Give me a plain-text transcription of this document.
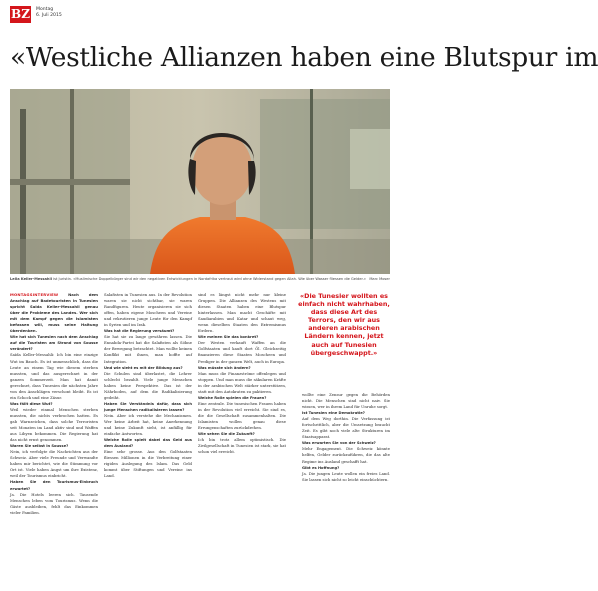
BZ Montag
6. Juli 2015
«Westliche Allianzen haben eine Blutspur im
Leila Keller-Messahli ist Juristin. «Muslimische Doppelbürger sind wir den negativen Entwicklungen in Nordafrika vertraut wird ohne Widerstand gegen Allah. Wie über Wasser fliessen die Gelder.» Marc Moser

MONTAGSINTERVIEW	Nach dem Anschlag auf Badetouristen in Tunesien spricht Saïda Keller-Messahli genau über die Probleme des Landes. Wer sich mit dem Kampf gegen die Islamisten befassen will, muss seine Haltung überdenken.

Wie hat sich Tunesien nach dem Anschlag auf die Touristen am Strand von Sousse verändert?

Saïda Keller-Messahli: Ich bin eine einzige Wut im Bauch. Es ist unmenschlich, dass die Leute an einem Tag wie diesem sterben mussten, und das ausgerechnet in der ganzen Sommerzeit. Man hat damit gerechnet, dass Tunesien die nächsten Jahre von den Anschlägen verschont bleibt. Es ist ein Schock und eine Zäsur.

Was fällt diese Wut?

Weil wieder einmal Menschen sterben mussten, die nichts verbrochen hatten. Es gab Warnzeichen, dass solche Terroristen seit Monaten im Land aktiv sind und Waffen aus Libyen bekommen. Die Regierung hat das nicht ernst genommen.

Waren Sie selbst in Sousse?

Nein, ich verfolgte die Nachrichten aus der Schweiz. Aber viele Freunde und Verwandte haben mir berichtet, wie die Stimmung vor Ort ist. Viele haben Angst um ihre Existenz, weil der Tourismus einbricht.

Haben Sie den Tourismus-Einbruch erwartet?

Ja. Die Hotels leeren sich. Tausende Menschen leben vom Tourismus. Wenn die Gäste ausbleiben, fehlt das Einkommen vieler Familien.

Salafisten in Tunesien aus. In der Revolution waren sie nicht sichtbar, sie waren Randfiguren. Heute organisieren sie sich offen, haben eigene Moscheen und Vereine und rekrutieren junge Leute für den Kampf in Syrien und im Irak.

Was hat die Regierung versäumt?

Sie hat sie zu lange gewähren lassen. Die Ennahda-Partei hat die Salafisten als Söhne der Bewegung betrachtet. Man wollte keinen Konflikt mit ihnen, man hoffte auf Integration.

Und wie sieht es mit der Bildung aus?

Die Schulen sind überlastet, die Lehrer schlecht bezahlt. Viele junge Menschen haben keine Perspektive. Das ist der Nährboden, auf dem die Radikalisierung gedeiht.

Haben Sie Verständnis dafür, dass sich junge Menschen radikalisieren lassen?

Nein. Aber ich verstehe die Mechanismen. Wer keine Arbeit hat, keine Anerkennung und keine Zukunft sieht, ist anfällig für einfache Antworten.

Welche Rolle spielt dabei das Geld aus dem Ausland?

Eine sehr grosse. Aus den Golfstaaten fliessen Millionen in die Verbreitung einer rigiden Auslegung des Islam. Das Geld kommt über Stiftungen und Vereine ins Land.

sind es längst nicht mehr nur kleine Gruppen. Die Allianzen des Westens mit diesen Staaten haben eine Blutspur hinterlassen. Man macht Geschäfte mit Saudiarabien und Katar und schaut weg, wenn dieselben Staaten den Extremismus fördern.

Wie meinen Sie das konkret?

Der Westen verkauft Waffen an die Golfstaaten und kauft dort Öl. Gleichzeitig finanzieren diese Staaten Moscheen und Prediger in der ganzen Welt, auch in Europa.

Was müsste sich ändern?

Man muss die Finanzströme offenlegen und stoppen. Und man muss die säkularen Kräfte in der arabischen Welt stärker unterstützen, statt mit den Autokraten zu paktieren.

Welche Rolle spielen die Frauen?

Eine zentrale. Die tunesischen Frauen haben in der Revolution viel erreicht. Sie sind es, die die Gesellschaft zusammenhalten. Die Islamisten wollen genau diese Errungenschaften zurückdrehen.

Wie sehen Sie die Zukunft?

Ich bin trotz allem optimistisch. Die Zivilgesellschaft in Tunesien ist stark, sie hat schon viel erreicht.

«Die Tunesier wollten es einfach nicht wahrhaben, dass diese Art des Terrors, den wir aus anderen arabischen Ländern kennen, jetzt auch auf Tunesien übergeschwappt.»

wollte eine Zensur gegen die Behörden nicht. Die Menschen sind nicht naiv. Sie wissen, wer in ihrem Land für Unruhe sorgt.

Ist Tunesien eine Demokratie?

Auf dem Weg dorthin. Die Verfassung ist fortschrittlich, aber die Umsetzung braucht Zeit. Es gibt noch viele alte Strukturen im Staatsapparat.

Was erwarten Sie von der Schweiz?

Mehr Engagement. Die Schweiz könnte helfen, Gelder zurückzuführen, die das alte Regime ins Ausland geschafft hat.

Gibt es Hoffnung?

Ja. Die jungen Leute wollen ein freies Land. Sie lassen sich nicht so leicht einschüchtern.
